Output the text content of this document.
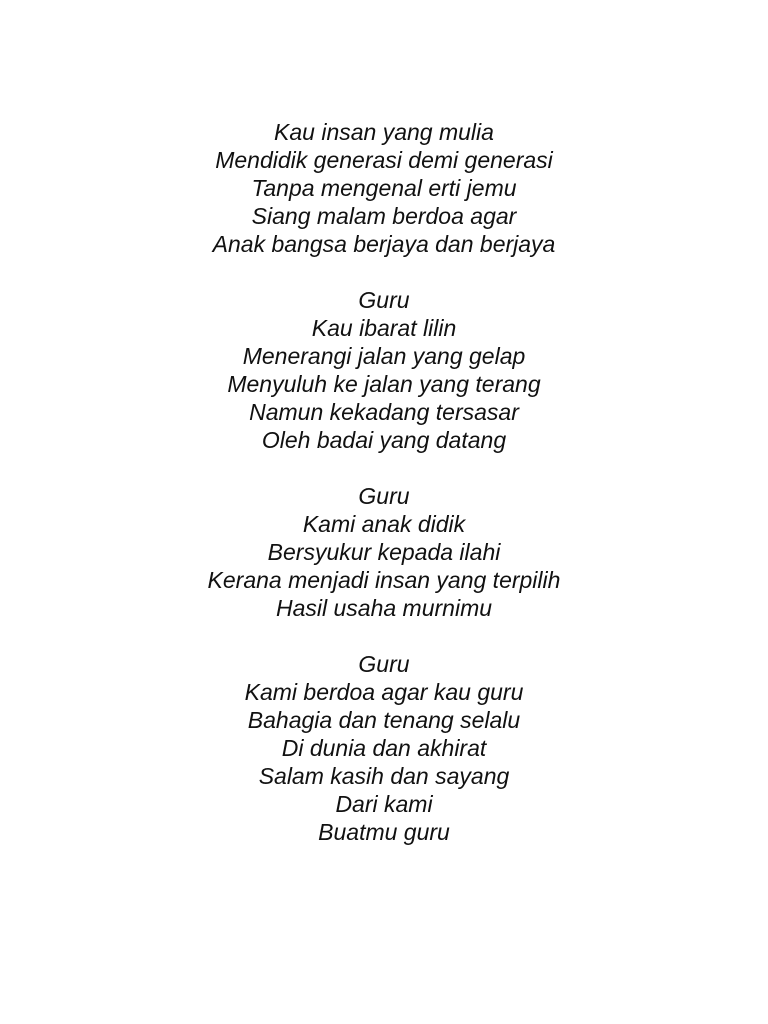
Kau insan yang mulia
Mendidik generasi demi generasi
Tanpa mengenal erti jemu
Siang malam berdoa agar
Anak bangsa berjaya dan berjaya
Guru
Kau ibarat lilin
Menerangi jalan yang gelap
Menyuluh ke jalan yang terang
Namun kekadang tersasar
Oleh badai yang datang
Guru
Kami anak didik
Bersyukur kepada ilahi
Kerana menjadi insan yang terpilih
Hasil usaha murnimu
Guru
Kami berdoa agar kau guru
Bahagia dan tenang selalu
Di dunia dan akhirat
Salam kasih dan sayang
Dari kami
Buatmu guru
